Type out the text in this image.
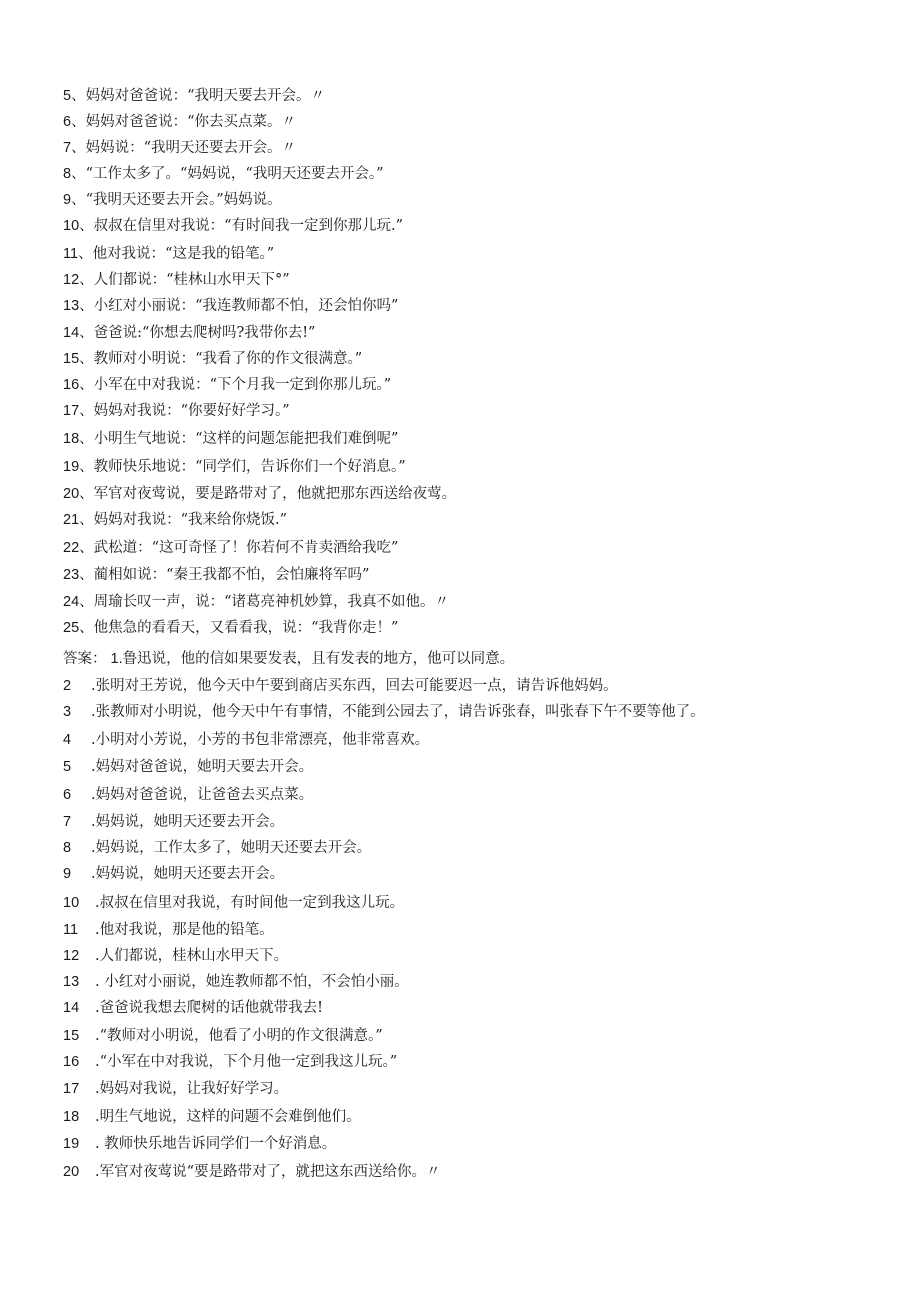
5 、 妈妈对爸爸说：“我明天要去开会。〃
6 、 妈妈对爸爸说：“你去买点菜。〃
7 、 妈妈说：“我明天还要去开会。〃
8 、 “工作太多了。“妈妈说，“我明天还要去开会。”
9 、 “我明天还要去开会。”妈妈说。
10 、 叔叔在信里对我说：“有时间我一定到你那儿玩.”
11 、 他对我说：“这是我的铅笔。”
12 、 人们都说：“桂林山水甲天下°”
13 、 小红对小丽说：“我连教师都不怕，还会怕你吗”
14 、 爸爸说:“你想去爬树吗?我带你去!”
15 、 教师对小明说：“我看了你的作文很满意。”
16 、 小军在中对我说：“下个月我一定到你那儿玩。”
17 、 妈妈对我说：“你要好好学习。”
18 、 小明生气地说：“这样的问题怎能把我们难倒呢”
19 、 教师快乐地说：“同学们，告诉你们一个好消息。”
20 、 军官对夜莺说，要是路带对了，他就把那东西送给夜莺。
21 、 妈妈对我说：“我来给你烧饭.”
22 、 武松道：“这可奇怪了！你若何不肯卖酒给我吃”
23 、 蔺相如说：“秦王我都不怕，会怕廉将军吗”
24 、 周瑜长叹一声，说：“诸葛亮神机妙算，我真不如他。〃
25 、 他焦急的看看天，又看看我，说：“我背你走！”
答案： 1. 鲁迅说，他的信如果要发表，且有发表的地方，他可以同意。
2	.张明对王芳说，他今天中午要到商店买东西，回去可能要迟一点，请告诉他妈妈。
3	.张教师对小明说，他今天中午有事情，不能到公园去了，请告诉张春，叫张春下午不要等他了。
4	.小明对小芳说，小芳的书包非常漂亮，他非常喜欢。
5	.妈妈对爸爸说，她明天要去开会。
6	.妈妈对爸爸说，让爸爸去买点菜。
7	.妈妈说，她明天还要去开会。
8	.妈妈说，工作太多了，她明天还要去开会。
9	.妈妈说，她明天还要去开会。
10	.叔叔在信里对我说，有时间他一定到我这儿玩。
11	.他对我说，那是他的铅笔。
12	.人们都说，桂林山水甲天下。
13	. 小红对小丽说，她连教师都不怕，不会怕小丽。
14	.爸爸说我想去爬树的话他就带我去!
15	.“教师对小明说，他看了小明的作文很满意。”
16	.“小军在中对我说，下个月他一定到我这儿玩。”
17	.妈妈对我说，让我好好学习。
18	.明生气地说，这样的问题不会难倒他们。
19	. 教师快乐地告诉同学们一个好消息。
20	.军官对夜莺说“要是路带对了，就把这东西送给你。〃
